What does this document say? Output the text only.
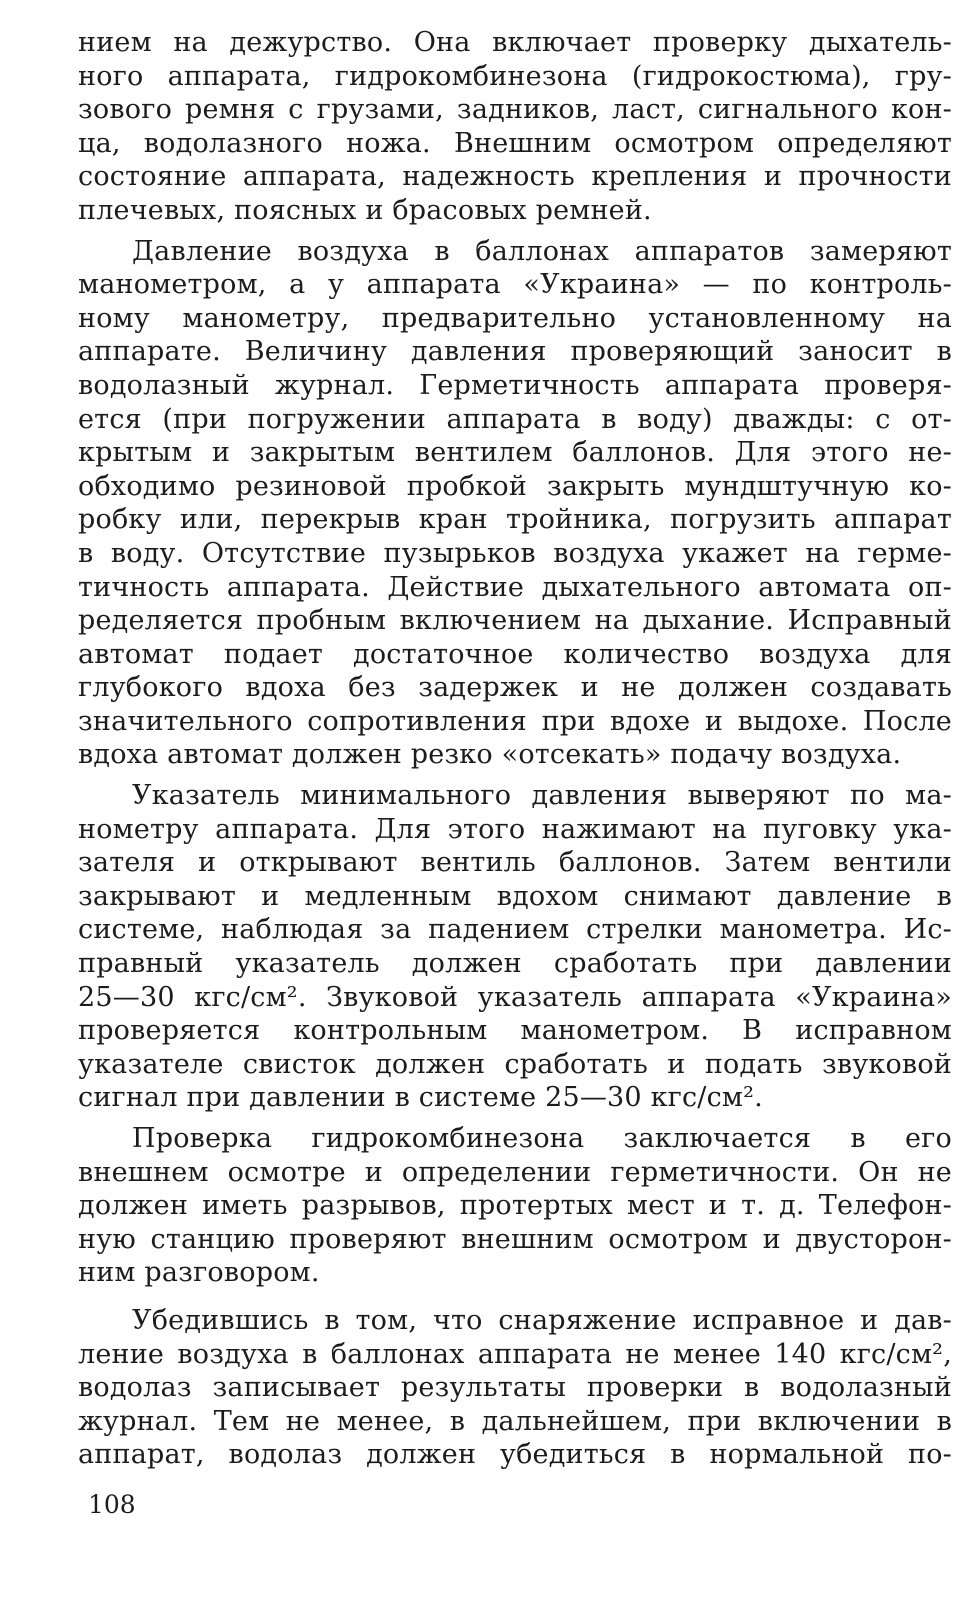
нием на дежурство. Она включает проверку дыхатель-
ного аппарата, гидрокомбинезона (гидрокостюма), гру-
зового ремня с грузами, задников, ласт, сигнального кон-
ца, водолазного ножа. Внешним осмотром определяют
состояние аппарата, надежность крепления и прочности
плечевых, поясных и брасовых ремней.
Давление воздуха в баллонах аппаратов замеряют
манометром, а у аппарата «Украина» — по контроль-
ному манометру, предварительно установленному на
аппарате. Величину давления проверяющий заносит в
водолазный журнал. Герметичность аппарата проверя-
ется (при погружении аппарата в воду) дважды: с от-
крытым и закрытым вентилем баллонов. Для этого не-
обходимо резиновой пробкой закрыть мундштучную ко-
робку или, перекрыв кран тройника, погрузить аппарат
в воду. Отсутствие пузырьков воздуха укажет на герме-
тичность аппарата. Действие дыхательного автомата оп-
ределяется пробным включением на дыхание. Исправный
автомат подает достаточное количество воздуха для
глубокого вдоха без задержек и не должен создавать
значительного сопротивления при вдохе и выдохе. После
вдоха автомат должен резко «отсекать» подачу воздуха.
Указатель минимального давления выверяют по ма-
нометру аппарата. Для этого нажимают на пуговку ука-
зателя и открывают вентиль баллонов. Затем вентили
закрывают и медленным вдохом снимают давление в
системе, наблюдая за падением стрелки манометра. Ис-
правный указатель должен сработать при давлении
25—30 кгс/см². Звуковой указатель аппарата «Украина»
проверяется контрольным манометром. В исправном
указателе свисток должен сработать и подать звуковой
сигнал при давлении в системе 25—30 кгс/см².
Проверка гидрокомбинезона заключается в его
внешнем осмотре и определении герметичности. Он не
должен иметь разрывов, протертых мест и т. д. Телефон-
ную станцию проверяют внешним осмотром и двусторон-
ним разговором.
Убедившись в том, что снаряжение исправное и дав-
ление воздуха в баллонах аппарата не менее 140 кгс/см²,
водолаз записывает результаты проверки в водолазный
журнал. Тем не менее, в дальнейшем, при включении в
аппарат, водолаз должен убедиться в нормальной по-
108
